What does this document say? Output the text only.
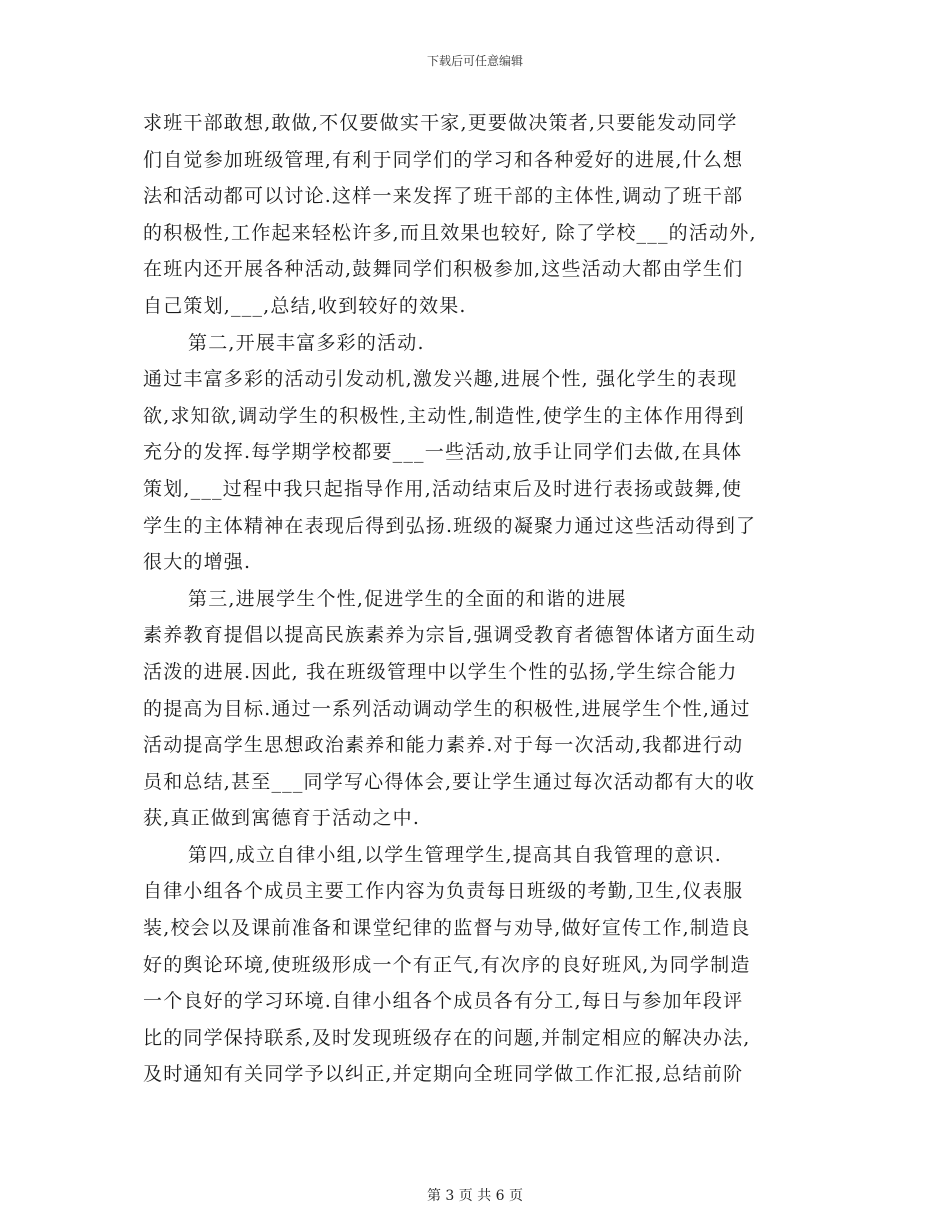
下载后可任意编辑
求班干部敢想,敢做,不仅要做实干家,更要做决策者,只要能发动同学
们自觉参加班级管理,有利于同学们的学习和各种爱好的进展,什么想
法和活动都可以讨论.这样一来发挥了班干部的主体性,调动了班干部
的积极性,工作起来轻松许多,而且效果也较好, 除了学校___的活动外,
在班内还开展各种活动,鼓舞同学们积极参加,这些活动大都由学生们
自己策划,___,总结,收到较好的效果.
第二,开展丰富多彩的活动.
通过丰富多彩的活动引发动机,激发兴趣,进展个性, 强化学生的表现
欲,求知欲,调动学生的积极性,主动性,制造性,使学生的主体作用得到
充分的发挥.每学期学校都要___一些活动,放手让同学们去做,在具体
策划,___过程中我只起指导作用,活动结束后及时进行表扬或鼓舞,使
学生的主体精神在表现后得到弘扬.班级的凝聚力通过这些活动得到了
很大的增强.
第三,进展学生个性,促进学生的全面的和谐的进展
素养教育提倡以提高民族素养为宗旨,强调受教育者德智体诸方面生动
活泼的进展.因此, 我在班级管理中以学生个性的弘扬,学生综合能力
的提高为目标.通过一系列活动调动学生的积极性,进展学生个性,通过
活动提高学生思想政治素养和能力素养.对于每一次活动,我都进行动
员和总结,甚至___同学写心得体会,要让学生通过每次活动都有大的收
获,真正做到寓德育于活动之中.
第四,成立自律小组,以学生管理学生,提高其自我管理的意识.
自律小组各个成员主要工作内容为负责每日班级的考勤,卫生,仪表服
装,校会以及课前准备和课堂纪律的监督与劝导,做好宣传工作,制造良
好的舆论环境,使班级形成一个有正气,有次序的良好班风,为同学制造
一个良好的学习环境.自律小组各个成员各有分工,每日与参加年段评
比的同学保持联系,及时发现班级存在的问题,并制定相应的解决办法,
及时通知有关同学予以纠正,并定期向全班同学做工作汇报,总结前阶
第 3 页 共 6 页
